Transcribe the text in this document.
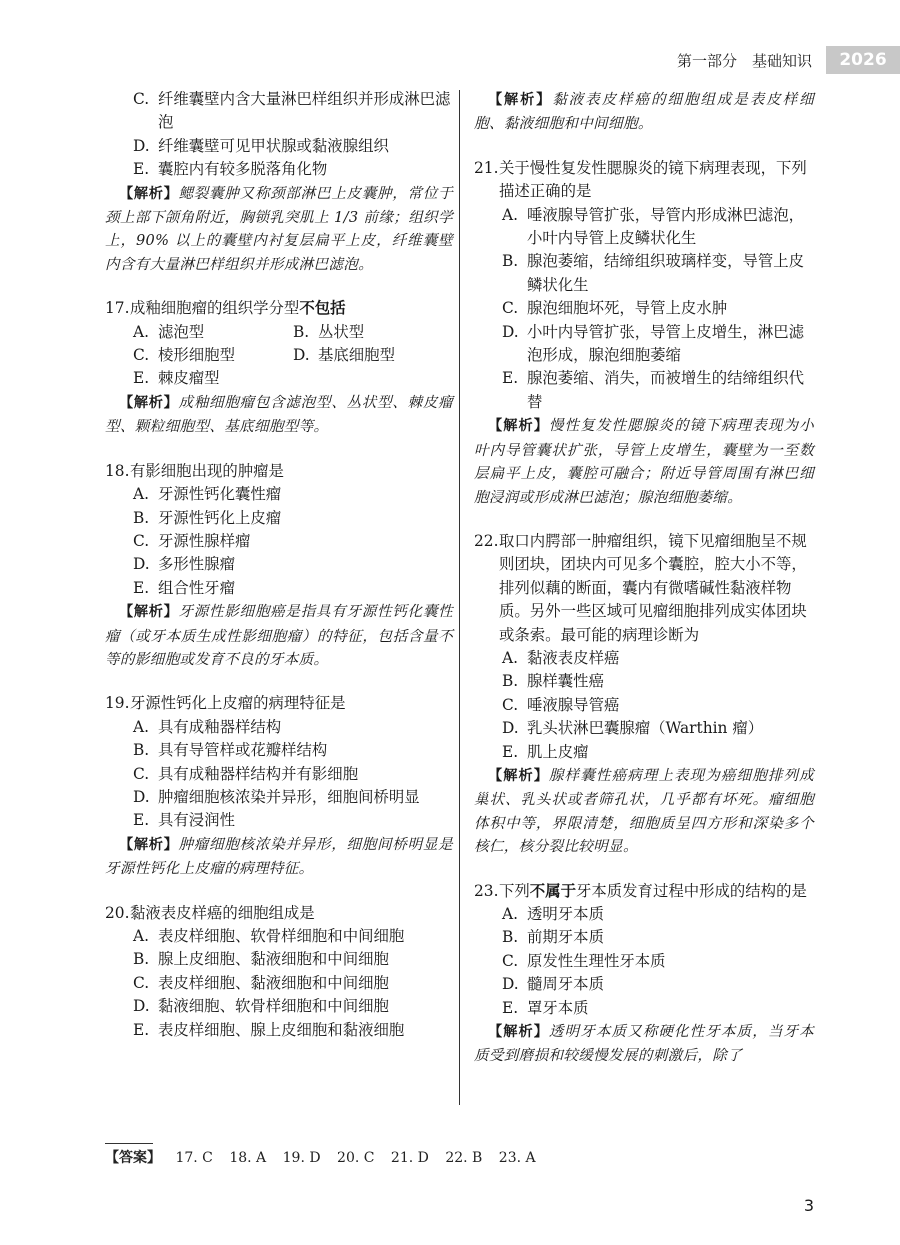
第一部分　基础知识	2026
C. 纤维囊壁内含大量淋巴样组织并形成淋巴滤泡
D. 纤维囊壁可见甲状腺或黏液腺组织
E. 囊腔内有较多脱落角化物
【解析】鳃裂囊肿又称颈部淋巴上皮囊肿，常位于颈上部下颌角附近，胸锁乳突肌上 1/3 前缘；组织学上，90% 以上的囊壁内衬复层扁平上皮，纤维囊壁内含有大量淋巴样组织并形成淋巴滤泡。
17. 成釉细胞瘤的组织学分型不包括
A. 滤泡型	B. 丛状型
C. 棱形细胞型	D. 基底细胞型
E. 棘皮瘤型
【解析】成釉细胞瘤包含滤泡型、丛状型、棘皮瘤型、颗粒细胞型、基底细胞型等。
18. 有影细胞出现的肿瘤是
A. 牙源性钙化囊性瘤
B. 牙源性钙化上皮瘤
C. 牙源性腺样瘤
D. 多形性腺瘤
E. 组合性牙瘤
【解析】牙源性影细胞癌是指具有牙源性钙化囊性瘤（或牙本质生成性影细胞瘤）的特征，包括含量不等的影细胞或发育不良的牙本质。
19. 牙源性钙化上皮瘤的病理特征是
A. 具有成釉器样结构
B. 具有导管样或花瓣样结构
C. 具有成釉器样结构并有影细胞
D. 肿瘤细胞核浓染并异形，细胞间桥明显
E. 具有浸润性
【解析】肿瘤细胞核浓染并异形，细胞间桥明显是牙源性钙化上皮瘤的病理特征。
20. 黏液表皮样癌的细胞组成是
A. 表皮样细胞、软骨样细胞和中间细胞
B. 腺上皮细胞、黏液细胞和中间细胞
C. 表皮样细胞、黏液细胞和中间细胞
D. 黏液细胞、软骨样细胞和中间细胞
E. 表皮样细胞、腺上皮细胞和黏液细胞
【解析】黏液表皮样癌的细胞组成是表皮样细胞、黏液细胞和中间细胞。
21. 关于慢性复发性腮腺炎的镜下病理表现，下列描述正确的是
A. 唾液腺导管扩张，导管内形成淋巴滤泡，小叶内导管上皮鳞状化生
B. 腺泡萎缩，结缔组织玻璃样变，导管上皮鳞状化生
C. 腺泡细胞坏死，导管上皮水肿
D. 小叶内导管扩张，导管上皮增生，淋巴滤泡形成，腺泡细胞萎缩
E. 腺泡萎缩、消失，而被增生的结缔组织代替
【解析】慢性复发性腮腺炎的镜下病理表现为小叶内导管囊状扩张，导管上皮增生，囊壁为一至数层扁平上皮，囊腔可融合；附近导管周围有淋巴细胞浸润或形成淋巴滤泡；腺泡细胞萎缩。
22. 取口内腭部一肿瘤组织，镜下见瘤细胞呈不规则团块，团块内可见多个囊腔，腔大小不等，排列似藕的断面，囊内有微嗜碱性黏液样物质。另外一些区域可见瘤细胞排列成实体团块或条索。最可能的病理诊断为
A. 黏液表皮样癌
B. 腺样囊性癌
C. 唾液腺导管癌
D. 乳头状淋巴囊腺瘤（Warthin 瘤）
E. 肌上皮瘤
【解析】腺样囊性癌病理上表现为癌细胞排列成巢状、乳头状或者筛孔状，几乎都有坏死。瘤细胞体积中等，界限清楚，细胞质呈四方形和深染多个核仁，核分裂比较明显。
23. 下列不属于牙本质发育过程中形成的结构的是
A. 透明牙本质
B. 前期牙本质
C. 原发性生理性牙本质
D. 髓周牙本质
E. 罩牙本质
【解析】透明牙本质又称硬化性牙本质，当牙本质受到磨损和较缓慢发展的刺激后，除了
【答案】 17. C 18. A 19. D 20. C 21. D 22. B 23. A
3
